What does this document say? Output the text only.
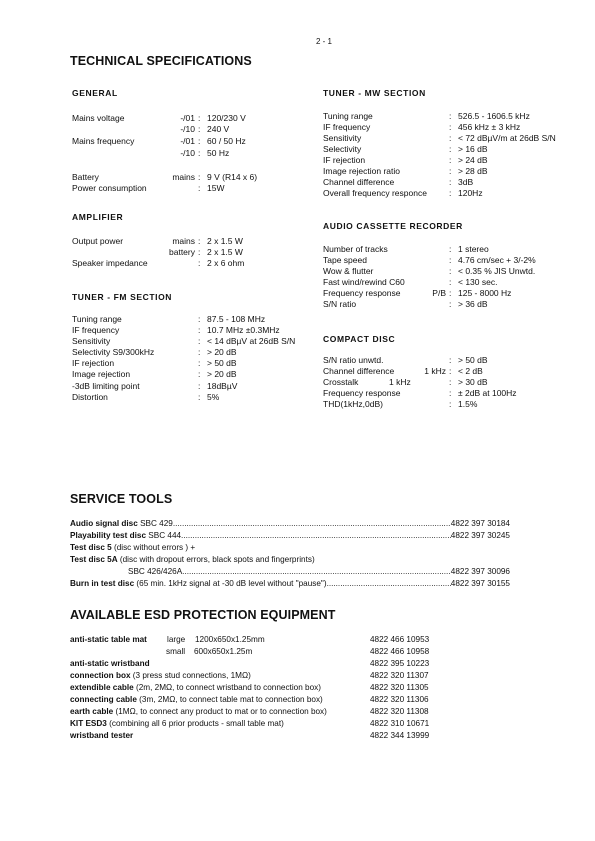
2 - 1
TECHNICAL SPECIFICATIONS
GENERAL
Mains voltage	-/01 : 120/230 V
-/10 : 240 V
Mains frequency	-/01 : 60 / 50 Hz
-/10 : 50 Hz
Battery	mains : 9 V (R14 x 6)
Power consumption	: 15W
AMPLIFIER
Output power	mains : 2 x 1.5 W
battery : 2 x 1.5 W
Speaker impedance	: 2 x 6 ohm
TUNER - FM SECTION
Tuning range	: 87.5 - 108 MHz
IF frequency	: 10.7 MHz ±0.3MHz
Sensitivity	: < 14 dBµV at 26dB S/N
Selectivity S9/300kHz	: > 20 dB
IF rejection	: > 50 dB
Image rejection	: > 20 dB
-3dB limiting point	: 18dBµV
Distortion	: 5%
TUNER - MW SECTION
Tuning range	: 526.5 - 1606.5 kHz
IF frequency	: 456 kHz ± 3 kHz
Sensitivity	: < 72 dBµV/m at 26dB S/N
Selectivity	: > 16 dB
IF rejection	: > 24 dB
Image rejection ratio	: > 28 dB
Channel difference	: 3dB
Overall frequency responce	: 120Hz
AUDIO CASSETTE RECORDER
Number of tracks	: 1 stereo
Tape speed	: 4.76 cm/sec + 3/-2%
Wow & flutter	: < 0.35 % JIS Unwtd.
Fast wind/rewind C60	: < 130 sec.
Frequency response	P/B : 125 - 8000 Hz
S/N ratio	: > 36 dB
COMPACT DISC
S/N ratio unwtd.	: > 50 dB
Channel difference	1 kHz : < 2 dB
Crosstalk	1 kHz	: > 30 dB
Frequency response	: ± 2dB at 100Hz
THD(1kHz,0dB)	: 1.5%
SERVICE TOOLS
Audio signal disc SBC 429 .....	4822 397 30184
Playability test disc SBC 444 .....	4822 397 30245
Test disc 5 (disc without errors ) +
Test disc 5A (disc with dropout errors, black spots and fingerprints)
SBC 426/426A .....	4822 397 30096
Burn in test disc (65 min. 1kHz signal at -30 dB level without "pause") .....	4822 397 30155
AVAILABLE ESD PROTECTION EQUIPMENT
anti-static table mat large 1200x650x1.25mm	4822 466 10953
small 600x650x1.25m	4822 466 10958
anti-static wristband	4822 395 10223
connection box (3 press stud connections, 1MΩ)	4822 320 11307
extendible cable (2m, 2MΩ, to connect wristband to connection box)	4822 320 11305
connecting cable (3m, 2MΩ, to connect table mat to connection box)	4822 320 11306
earth cable (1MΩ, to connect any product to mat or to connection box)	4822 320 11308
KIT ESD3 (combining all 6 prior products - small table mat)	4822 310 10671
wristband tester	4822 344 13999
